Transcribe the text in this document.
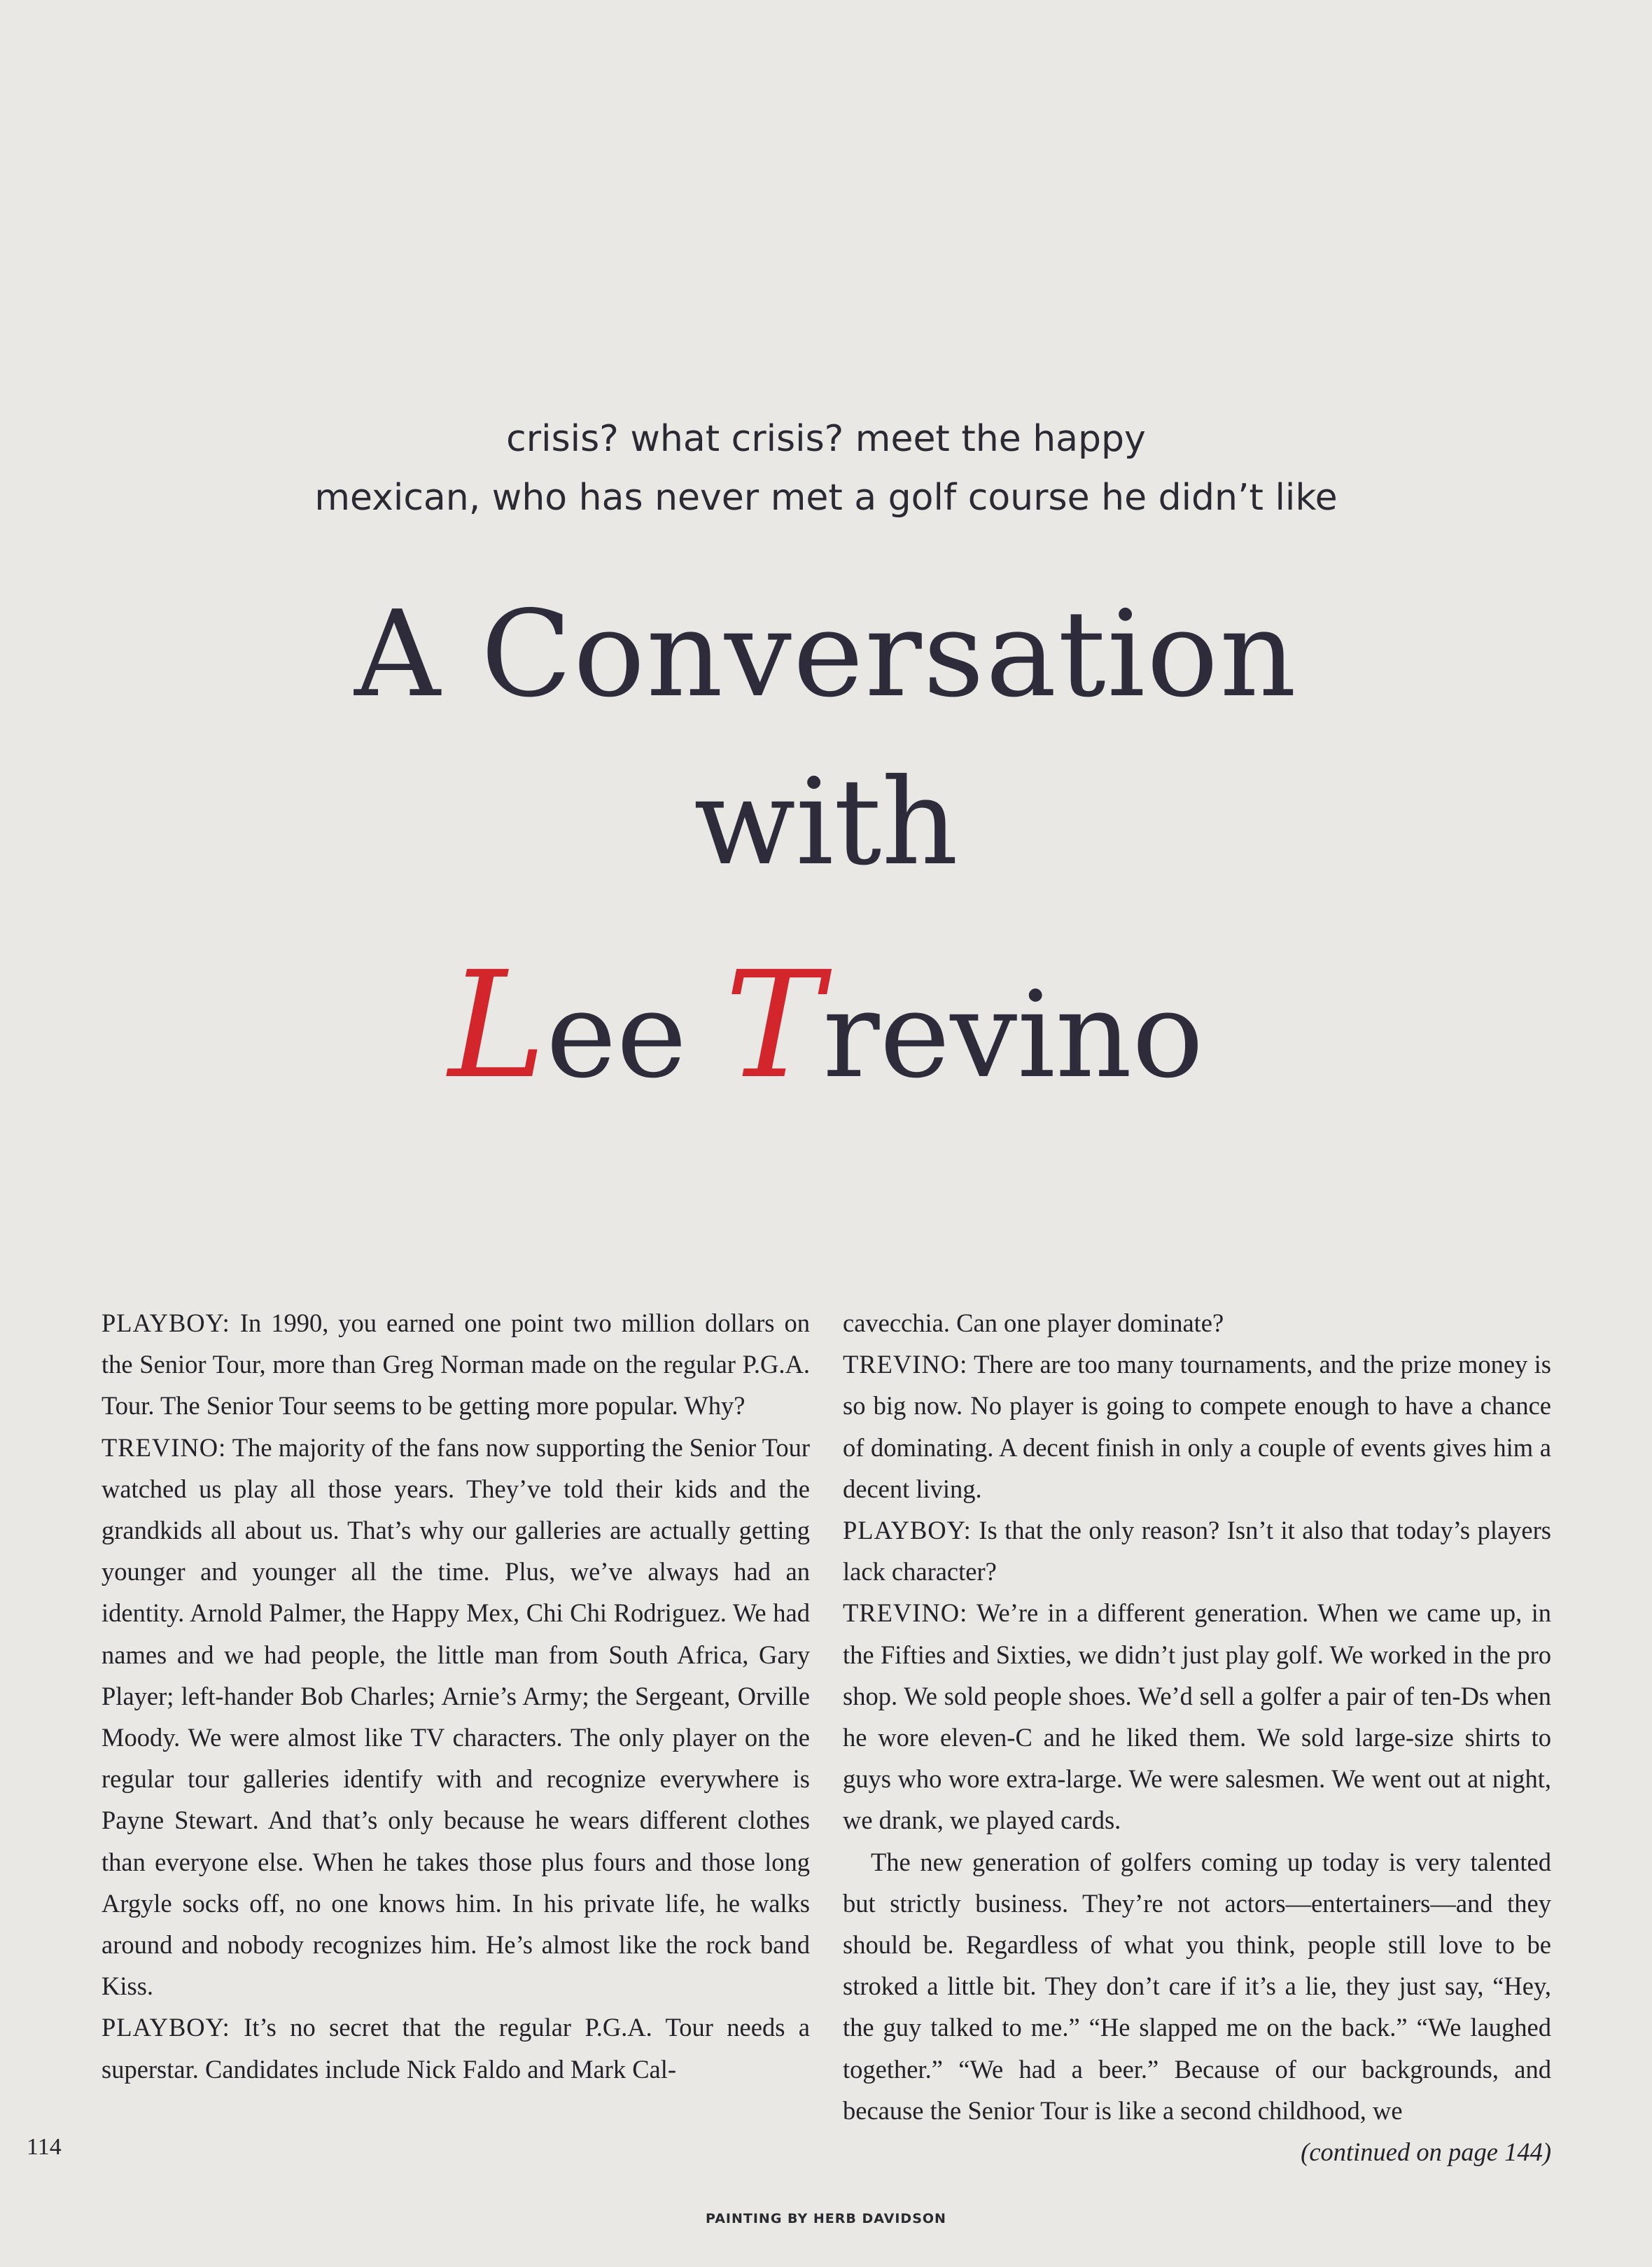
crisis? what crisis? meet the happy
mexican, who has never met a golf course he didn’t like
A Conversation
with
Lee Trevino

PLAYBOY: In 1990, you earned one point two million dollars on the Senior Tour, more than Greg Norman made on the regular P.G.A. Tour. The Senior Tour seems to be getting more popular. Why?

TREVINO: The majority of the fans now supporting the Senior Tour watched us play all those years. They’ve told their kids and the grandkids all about us. That’s why our galleries are actually getting younger and younger all the time. Plus, we’ve always had an identity. Arnold Palmer, the Happy Mex, Chi Chi Rodriguez. We had names and we had people, the little man from South Africa, Gary Player; left-hander Bob Charles; Arnie’s Army; the Sergeant, Orville Moody. We were almost like TV characters. The only player on the regular tour galleries identify with and recognize everywhere is Payne Stewart. And that’s only because he wears different clothes than everyone else. When he takes those plus fours and those long Argyle socks off, no one knows him. In his private life, he walks around and nobody recognizes him. He’s almost like the rock band Kiss.

PLAYBOY: It’s no secret that the regular P.G.A. Tour needs a superstar. Candidates include Nick Faldo and Mark Cal-

cavecchia. Can one player dominate?

TREVINO: There are too many tournaments, and the prize money is so big now. No player is going to compete enough to have a chance of dominating. A decent finish in only a couple of events gives him a decent living.

PLAYBOY: Is that the only reason? Isn’t it also that today’s players lack character?

TREVINO: We’re in a different generation. When we came up, in the Fifties and Sixties, we didn’t just play golf. We worked in the pro shop. We sold people shoes. We’d sell a golfer a pair of ten-Ds when he wore eleven-C and he liked them. We sold large-size shirts to guys who wore extra-large. We were salesmen. We went out at night, we drank, we played cards.

The new generation of golfers coming up today is very talented but strictly business. They’re not actors—entertainers—and they should be. Regardless of what you think, people still love to be stroked a little bit. They don’t care if it’s a lie, they just say, “Hey, the guy talked to me.” “He slapped me on the back.” “We laughed together.” “We had a beer.” Because of our backgrounds, and because the Senior Tour is like a second childhood, we
(continued on page 144)

114
PAINTING BY HERB DAVIDSON
